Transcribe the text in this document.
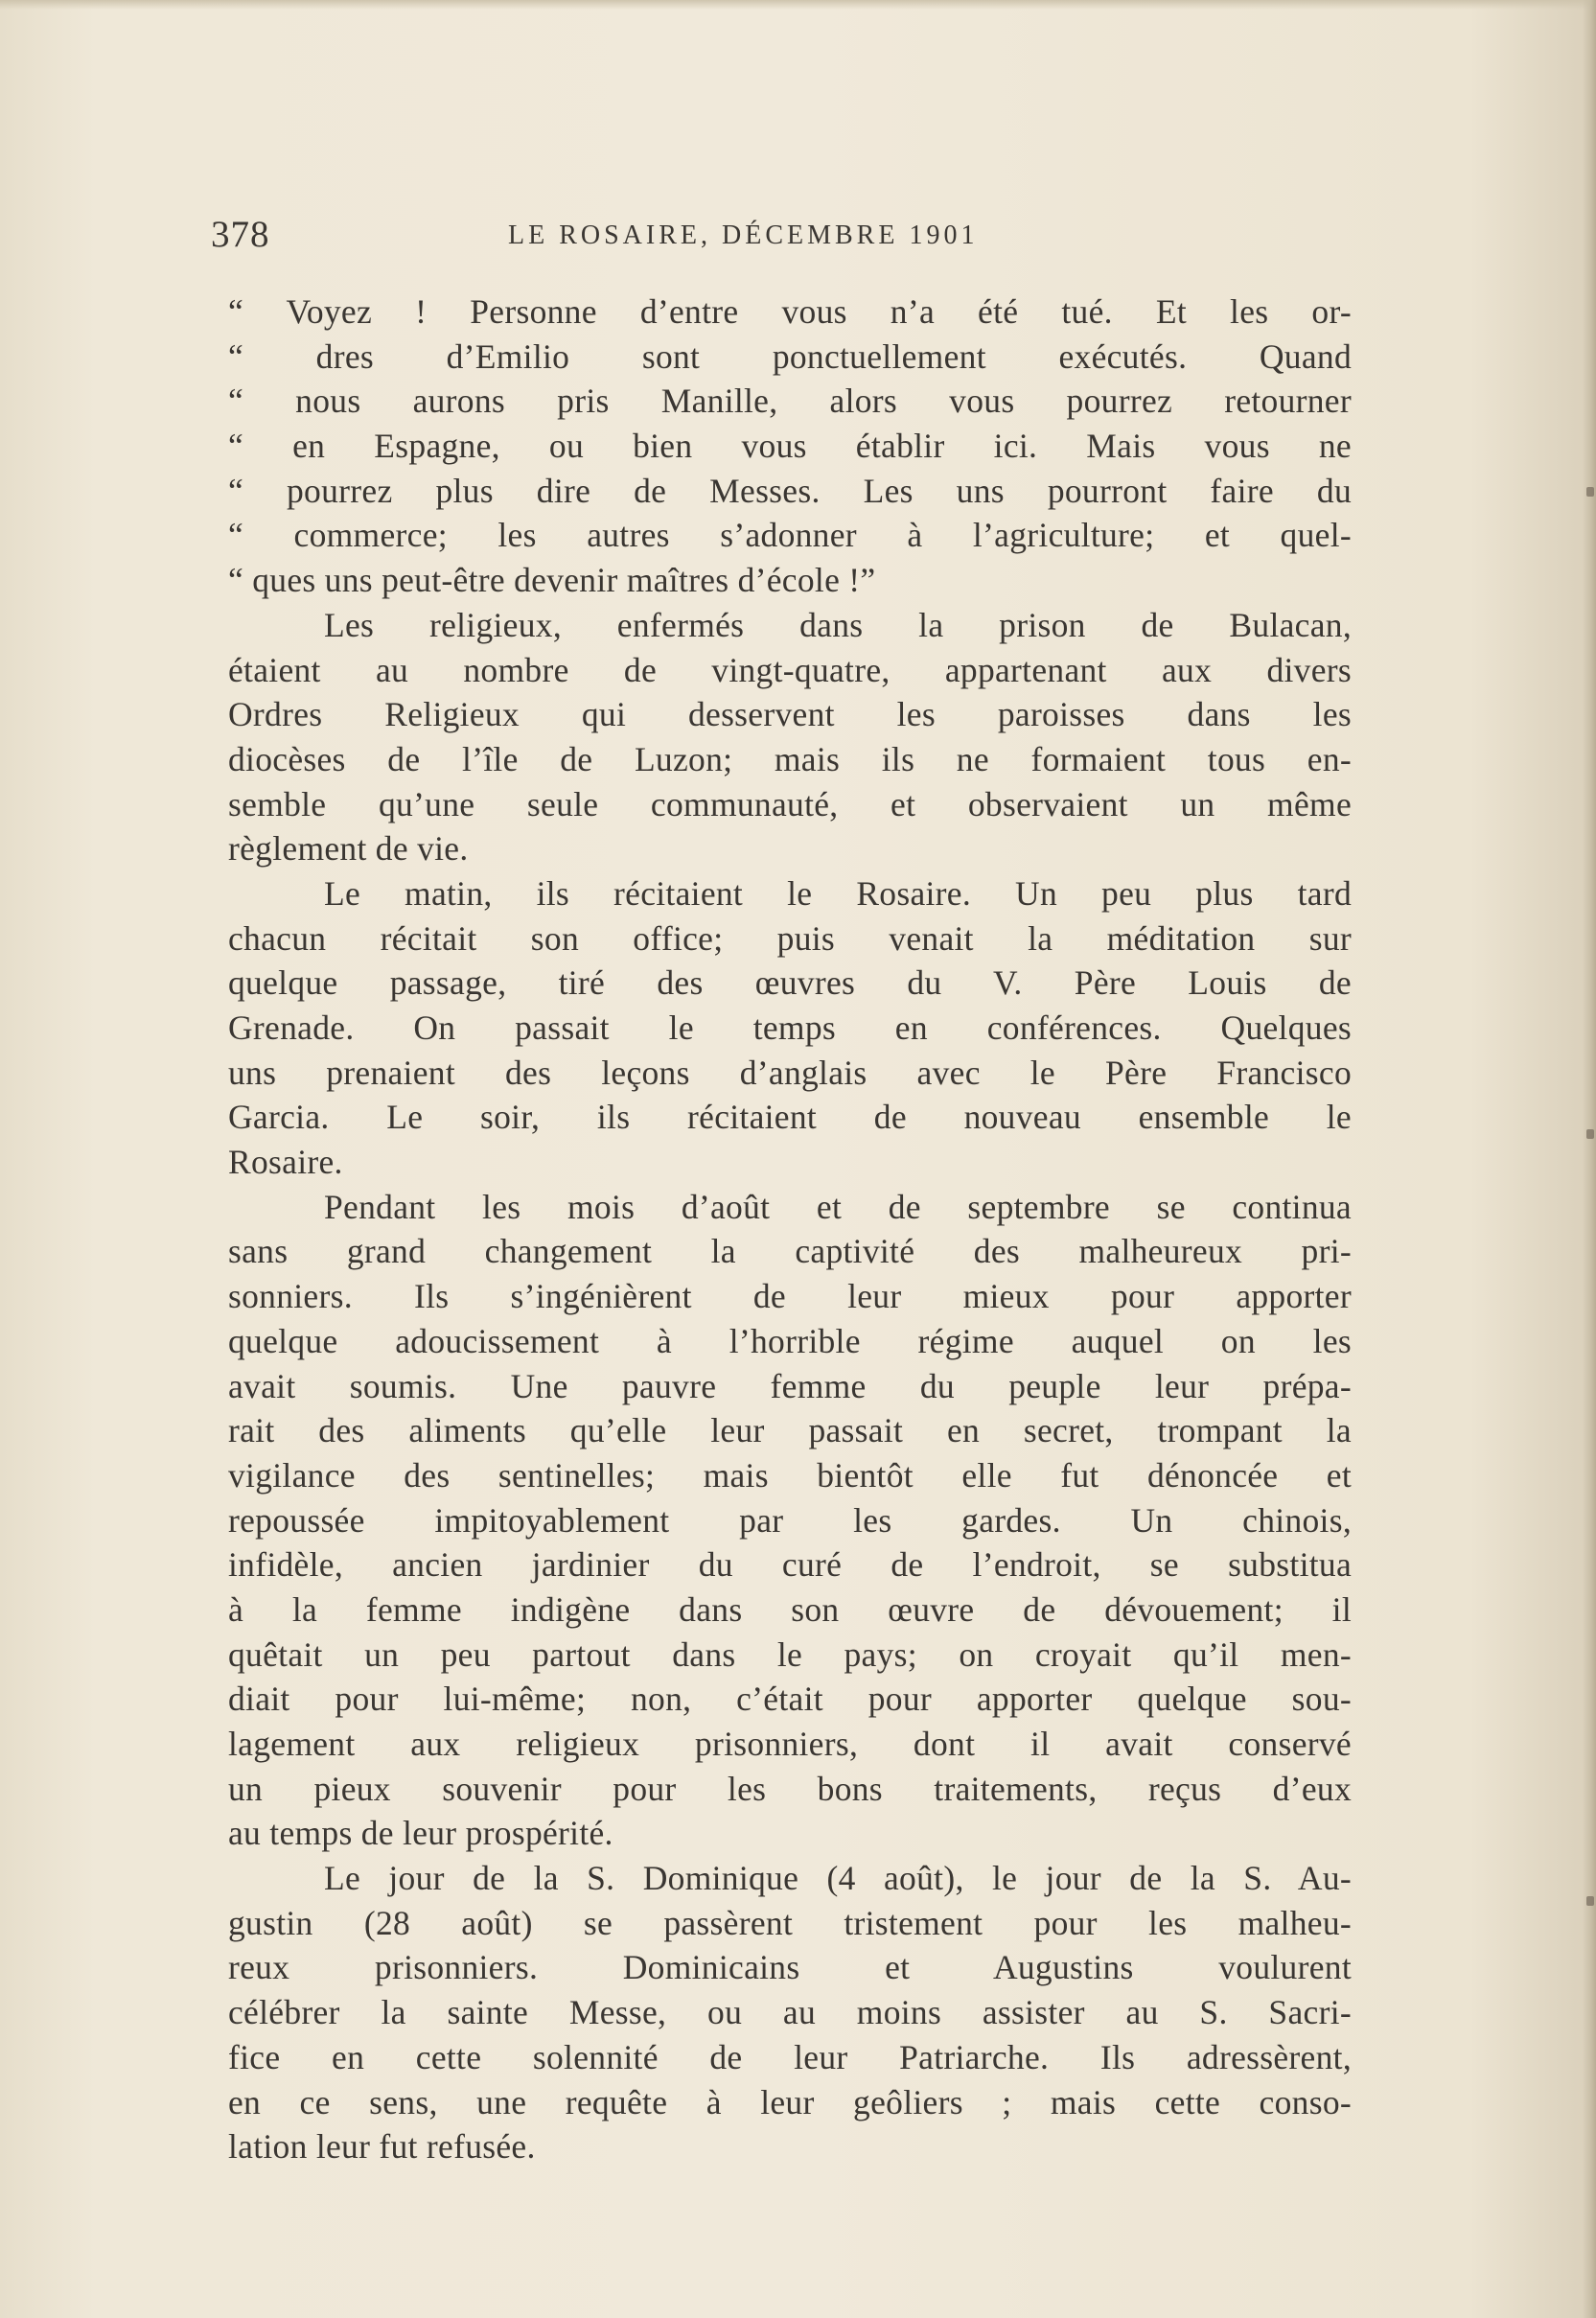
378	LE ROSAIRE, DÉCEMBRE 1901
“ Voyez ! Personne d’entre vous n’a été tué. Et les or-
“ dres d’Emilio sont ponctuellement exécutés. Quand
“ nous aurons pris Manille, alors vous pourrez retourner
“ en Espagne, ou bien vous établir ici. Mais vous ne
“ pourrez plus dire de Messes. Les uns pourront faire du
“ commerce; les autres s’adonner à l’agriculture; et quel-
“ ques uns peut-être devenir maîtres d’école !”
Les religieux, enfermés dans la prison de Bulacan,
étaient au nombre de vingt-quatre, appartenant aux divers
Ordres Religieux qui desservent les paroisses dans les
diocèses de l’île de Luzon; mais ils ne formaient tous en-
semble qu’une seule communauté, et observaient un même
règlement de vie.
Le matin, ils récitaient le Rosaire. Un peu plus tard
chacun récitait son office; puis venait la méditation sur
quelque passage, tiré des œuvres du V. Père Louis de
Grenade. On passait le temps en conférences. Quelques
uns prenaient des leçons d’anglais avec le Père Francisco
Garcia. Le soir, ils récitaient de nouveau ensemble le
Rosaire.
Pendant les mois d’août et de septembre se continua
sans grand changement la captivité des malheureux pri-
sonniers. Ils s’ingénièrent de leur mieux pour apporter
quelque adoucissement à l’horrible régime auquel on les
avait soumis. Une pauvre femme du peuple leur prépa-
rait des aliments qu’elle leur passait en secret, trompant la
vigilance des sentinelles; mais bientôt elle fut dénoncée et
repoussée impitoyablement par les gardes. Un chinois,
infidèle, ancien jardinier du curé de l’endroit, se substitua
à la femme indigène dans son œuvre de dévouement; il
quêtait un peu partout dans le pays; on croyait qu’il men-
diait pour lui-même; non, c’était pour apporter quelque sou-
lagement aux religieux prisonniers, dont il avait conservé
un pieux souvenir pour les bons traitements, reçus d’eux
au temps de leur prospérité.
Le jour de la S. Dominique (4 août), le jour de la S. Au-
gustin (28 août) se passèrent tristement pour les malheu-
reux prisonniers. Dominicains et Augustins voulurent
célébrer la sainte Messe, ou au moins assister au S. Sacri-
fice en cette solennité de leur Patriarche. Ils adressèrent,
en ce sens, une requête à leur geôliers ; mais cette conso-
lation leur fut refusée.
